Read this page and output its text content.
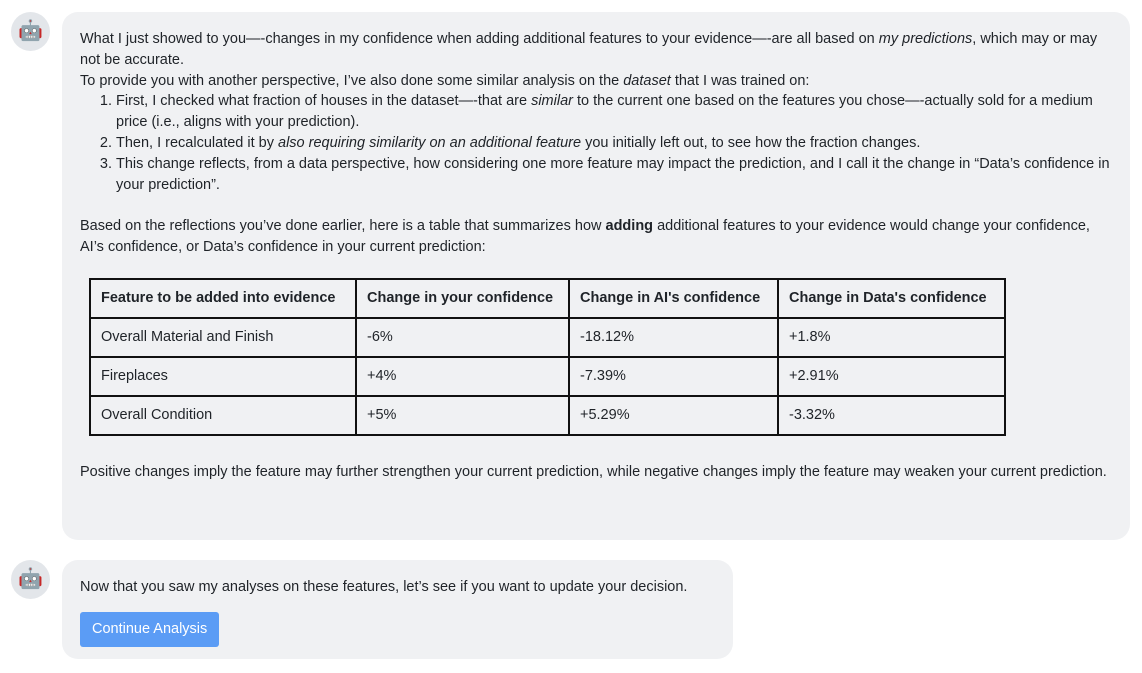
🤖	What I just showed to you—-changes in my confidence when adding additional features to your evidence—-are all based on my predictions, which may or may not be accurate.

To provide you with another perspective, I’ve also done some similar analysis on the dataset that I was trained on:

1. First, I checked what fraction of houses in the dataset—-that are similar to the current one based on the features you chose—-actually sold for a medium price (i.e., aligns with your prediction).
2. Then, I recalculated it by also requiring similarity on an additional feature you initially left out, to see how the fraction changes.
3. This change reflects, from a data perspective, how considering one more feature may impact the prediction, and I call it the change in “Data’s confidence in your prediction”.

Based on the reflections you’ve done earlier, here is a table that summarizes how adding additional features to your evidence would change your confidence, AI’s confidence, or Data’s confidence in your current prediction:

Feature to be added into evidence	Change in your confidence	Change in AI's confidence	Change in Data's confidence
Overall Material and Finish	-6%	-18.12%	+1.8%
Fireplaces	+4%	-7.39%	+2.91%
Overall Condition	+5%	+5.29%	-3.32%

Positive changes imply the feature may further strengthen your current prediction, while negative changes imply the feature may weaken your current prediction.

🤖	Now that you saw my analyses on these features, let’s see if you want to update your decision.

Continue Analysis
